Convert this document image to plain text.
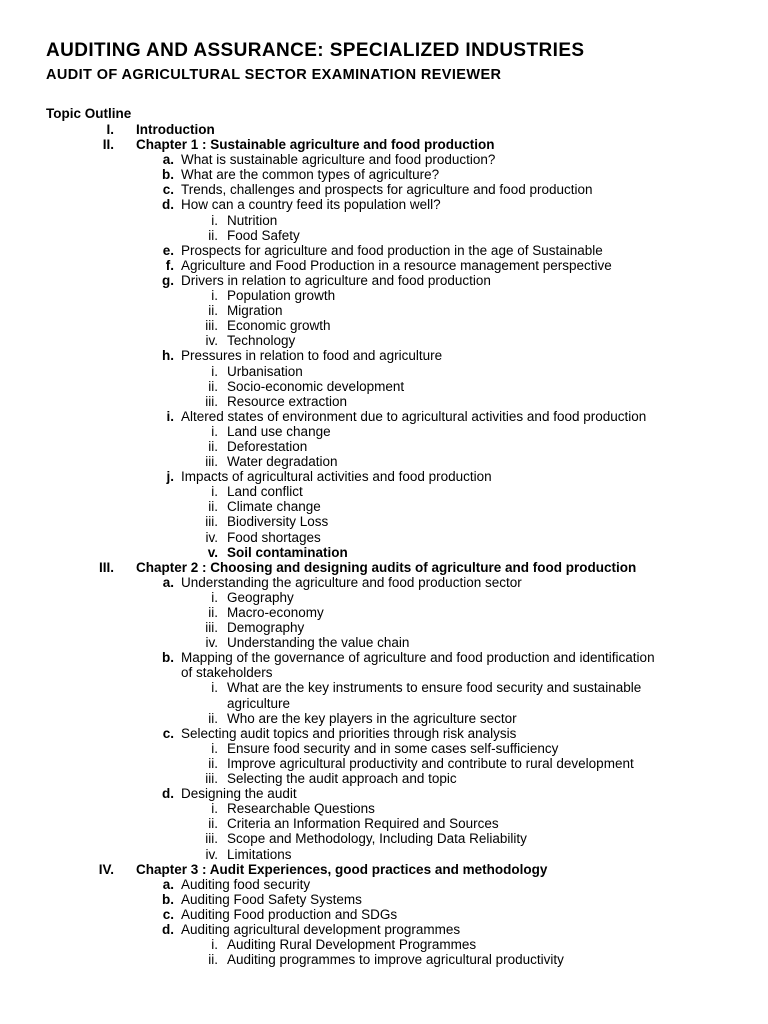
AUDITING AND ASSURANCE: SPECIALIZED INDUSTRIES
AUDIT OF AGRICULTURAL SECTOR EXAMINATION REVIEWER
Topic Outline
I. Introduction
II. Chapter 1 : Sustainable agriculture and food production
a. What is sustainable agriculture and food production?
b. What are the common types of agriculture?
c. Trends, challenges and prospects for agriculture and food production
d. How can a country feed its population well?
i. Nutrition
ii. Food Safety
e. Prospects for agriculture and food production in the age of Sustainable
f. Agriculture and Food Production in a resource management perspective
g. Drivers in relation to agriculture and food production
i. Population growth
ii. Migration
iii. Economic growth
iv. Technology
h. Pressures in relation to food and agriculture
i. Urbanisation
ii. Socio-economic development
iii. Resource extraction
i. Altered states of environment due to agricultural activities and food production
i. Land use change
ii. Deforestation
iii. Water degradation
j. Impacts of agricultural activities and food production
i. Land conflict
ii. Climate change
iii. Biodiversity Loss
iv. Food shortages
v. Soil contamination
III. Chapter 2 : Choosing and designing audits of agriculture and food production
a. Understanding the agriculture and food production sector
i. Geography
ii. Macro-economy
iii. Demography
iv. Understanding the value chain
b. Mapping of the governance of agriculture and food production and identification
of stakeholders
i. What are the key instruments to ensure food security and sustainable
agriculture
ii. Who are the key players in the agriculture sector
c. Selecting audit topics and priorities through risk analysis
i. Ensure food security and in some cases self-sufficiency
ii. Improve agricultural productivity and contribute to rural development
iii. Selecting the audit approach and topic
d. Designing the audit
i. Researchable Questions
ii. Criteria an Information Required and Sources
iii. Scope and Methodology, Including Data Reliability
iv. Limitations
IV. Chapter 3 : Audit Experiences, good practices and methodology
a. Auditing food security
b. Auditing Food Safety Systems
c. Auditing Food production and SDGs
d. Auditing agricultural development programmes
i. Auditing Rural Development Programmes
ii. Auditing programmes to improve agricultural productivity
